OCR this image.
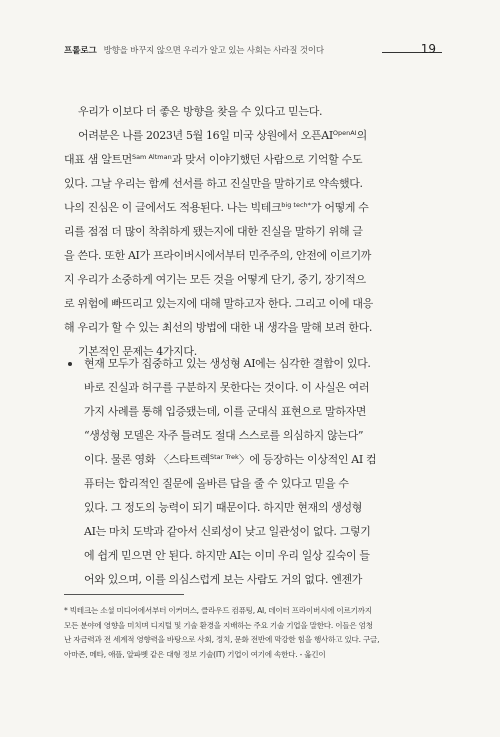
프롤로그 방향을 바꾸지 않으면 우리가 알고 있는 사회는 사라질 것이다	19
우리가 이보다 더 좋은 방향을 찾을 수 있다고 믿는다.
어려분은 나를 2023년 5월 16일 미국 상원에서 오픈$AI^{OpenAI}$의
대표 샘 알트먼$^{Sam Altman}$과 맞서 이야기했던 사람으로 기억할 수도
있다. 그날 우리는 함께 선서를 하고 진실만을 말하기로 약속했다.
나의 진심은 이 글에서도 적용된다. 나는 빅테크$^{big tech*}$가 어떻게 수
리를 점점 더 많이 착취하게 됐는지에 대한 진실을 말하기 위해 글
을 쓴다. 또한 AI가 프라이버시에서부터 민주주의, 안전에 이르기까
지 우리가 소중하게 여기는 모든 것을 어떻게 단기, 중기, 장기적으
로 위험에 빠뜨리고 있는지에 대해 말하고자 한다. 그리고 이에 대응
해 우리가 할 수 있는 최선의 방법에 대한 내 생각을 말해 보려 한다.
기본적인 문제는 4가지다.
현재 모두가 집중하고 있는 생성형 AI에는 심각한 결함이 있다.
바로 진실과 허구를 구분하지 못한다는 것이다. 이 사실은 여러
가지 사례를 통해 입증됐는데, 이를 군대식 표현으로 말하자면
“생성형 모델은 자주 틀려도 절대 스스로를 의심하지 않는다”
이다. 물론 영화 〈스타트렉$^{Star Trek}$〉에 등장하는 이상적인 AI 컴
퓨터는 합리적인 질문에 올바른 답을 줄 수 있다고 믿을 수
있다. 그 정도의 능력이 되기 때문이다. 하지만 현재의 생성형
AI는 마치 도박과 같아서 신뢰성이 낮고 일관성이 없다. 그렇기
에 쉽게 믿으면 안 된다. 하지만 AI는 이미 우리 일상 깊숙이 들
어와 있으며, 이를 의심스럽게 보는 사람도 거의 없다. 엔젠가
* 빅테크는 소셜 미디어에서부터 이커머스, 클라우드 컴퓨팅, AI, 데이터 프라이버시에 이르기까지
모든 분야에 영향을 미치며 디지털 및 기술 환경을 지배하는 주요 기술 기업을 말한다. 이들은 엄청
난 자금력과 전 세계적 영향력을 바탕으로 사회, 정치, 문화 전반에 막강한 힘을 행사하고 있다. 구글,
아마존, 메타, 애플, 알파벳 같은 대형 정보 기술(IT) 기업이 여기에 속한다. - 옮긴이
